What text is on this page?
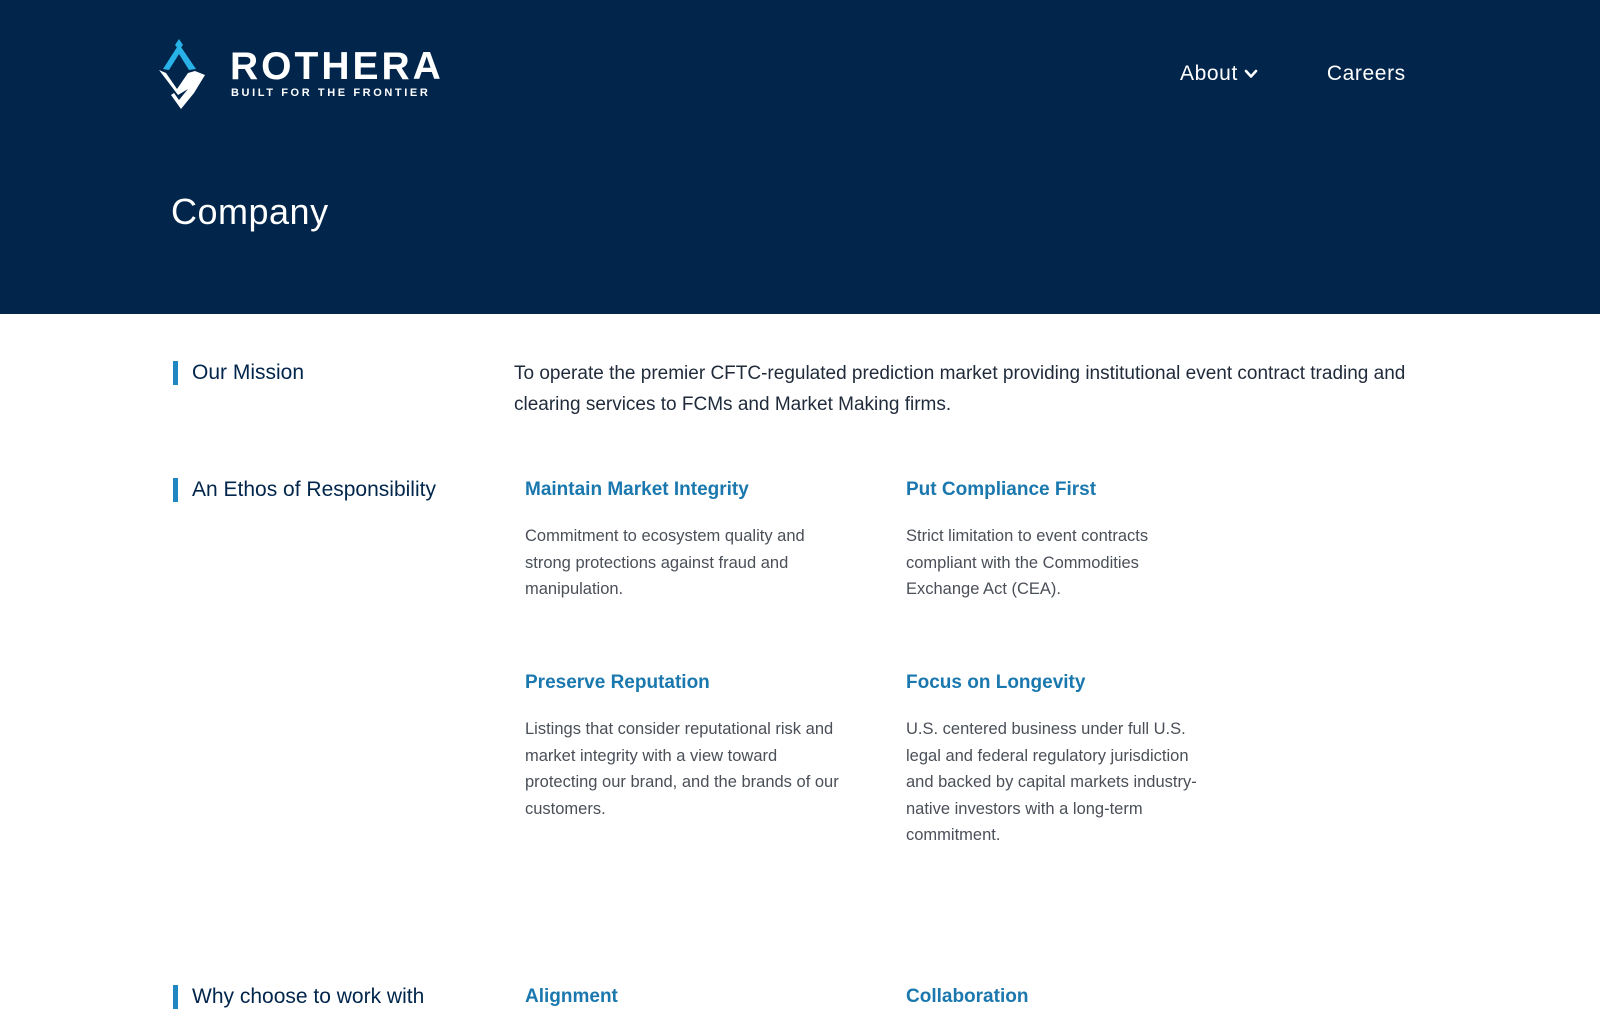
ROTHERA
BUILT FOR THE FRONTIER
About	Careers
Company
Our Mission	To operate the premier CFTC-regulated prediction market providing institutional event contract trading and clearing services to FCMs and Market Making firms.

An Ethos of Responsibility	Maintain Market Integrity

Commitment to ecosystem quality and strong protections against fraud and manipulation.

Put Compliance First

Strict limitation to event contracts compliant with the Commodities Exchange Act (CEA).

Preserve Reputation

Listings that consider reputational risk and market integrity with a view toward protecting our brand, and the brands of our customers.

Focus on Longevity

U.S. centered business under full U.S. legal and federal regulatory jurisdiction and backed by capital markets industry-native investors with a long-term commitment.

Why choose to work with	Alignment	Collaboration
